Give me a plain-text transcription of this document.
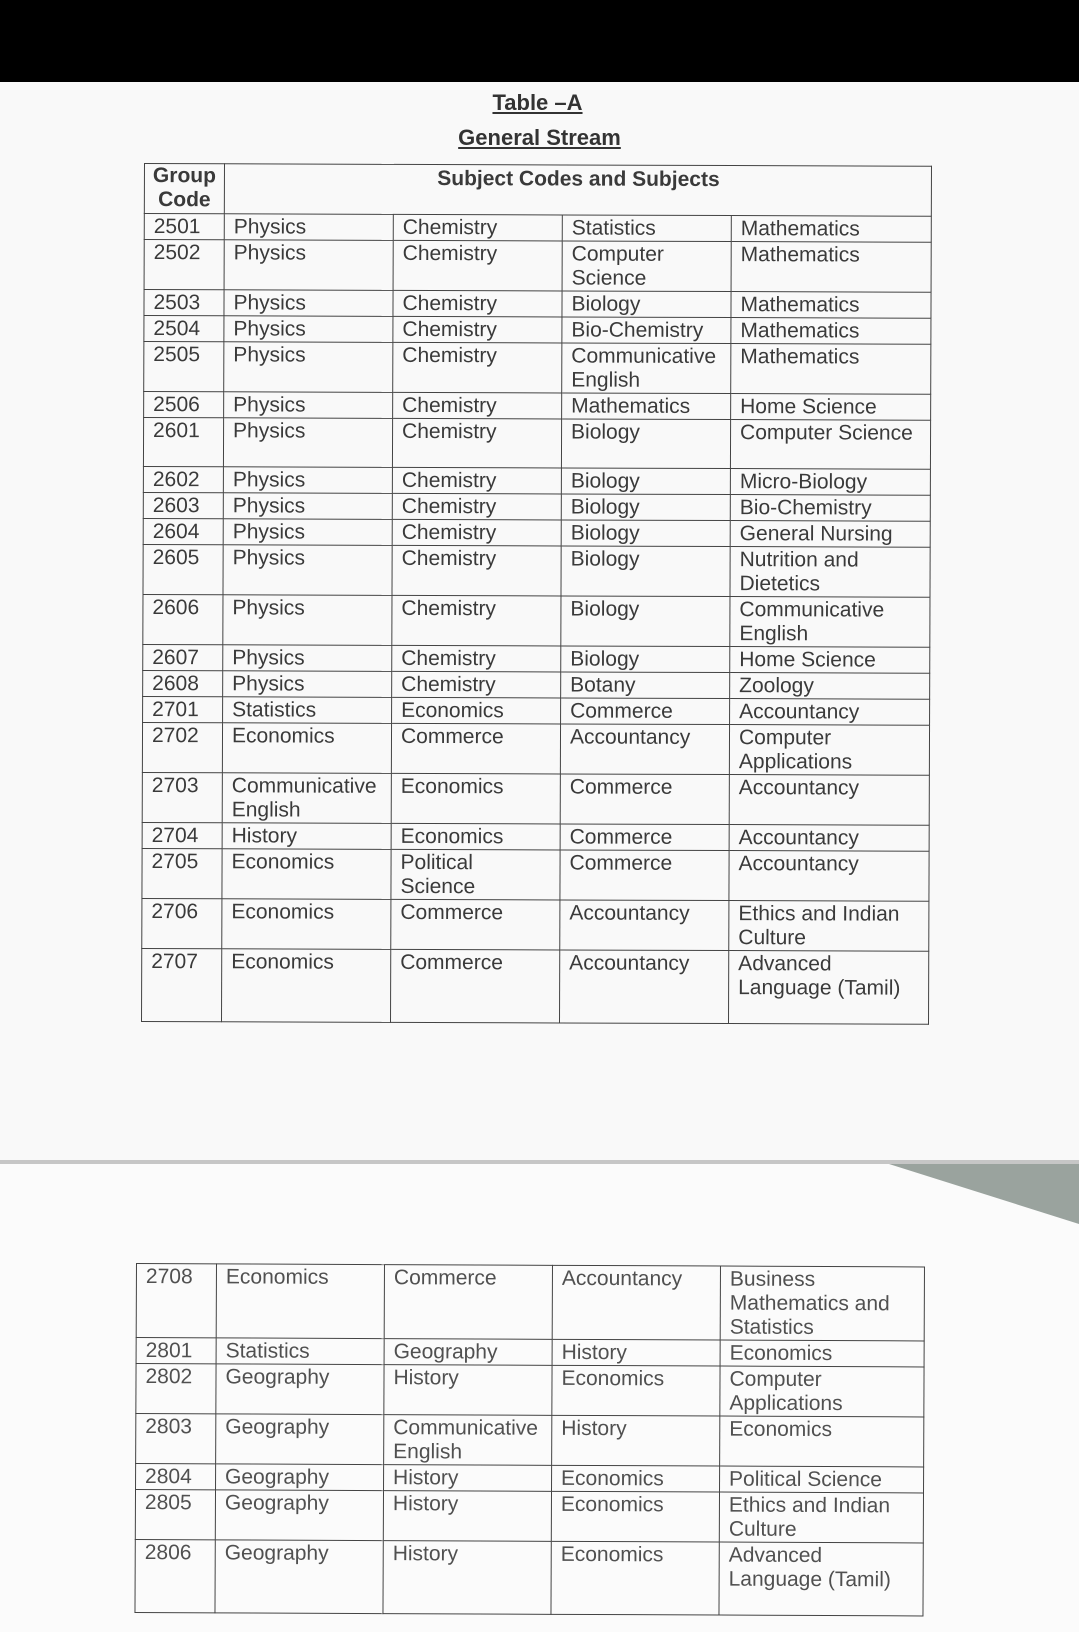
Table –A
General Stream
Group Code	Subject Codes and Subjects			
2501	Physics	Chemistry	Statistics	Mathematics
2502	Physics	Chemistry	Computer Science	Mathematics
2503	Physics	Chemistry	Biology	Mathematics
2504	Physics	Chemistry	Bio-Chemistry	Mathematics
2505	Physics	Chemistry	Communicative English	Mathematics
2506	Physics	Chemistry	Mathematics	Home Science
2601	Physics	Chemistry	Biology	Computer Science
2602	Physics	Chemistry	Biology	Micro-Biology
2603	Physics	Chemistry	Biology	Bio-Chemistry
2604	Physics	Chemistry	Biology	General Nursing
2605	Physics	Chemistry	Biology	Nutrition and Dietetics
2606	Physics	Chemistry	Biology	Communicative English
2607	Physics	Chemistry	Biology	Home Science
2608	Physics	Chemistry	Botany	Zoology
2701	Statistics	Economics	Commerce	Accountancy
2702	Economics	Commerce	Accountancy	Computer Applications
2703	Communicative English	Economics	Commerce	Accountancy
2704	History	Economics	Commerce	Accountancy
2705	Economics	Political Science	Commerce	Accountancy
2706	Economics	Commerce	Accountancy	Ethics and Indian Culture
2707	Economics	Commerce	Accountancy	Advanced Language (Tamil)
2708	Economics	Commerce	Accountancy	Business Mathematics and Statistics
2801	Statistics	Geography	History	Economics
2802	Geography	History	Economics	Computer Applications
2803	Geography	Communicative English	History	Economics
2804	Geography	History	Economics	Political Science
2805	Geography	History	Economics	Ethics and Indian Culture
2806	Geography	History	Economics	Advanced Language (Tamil)
